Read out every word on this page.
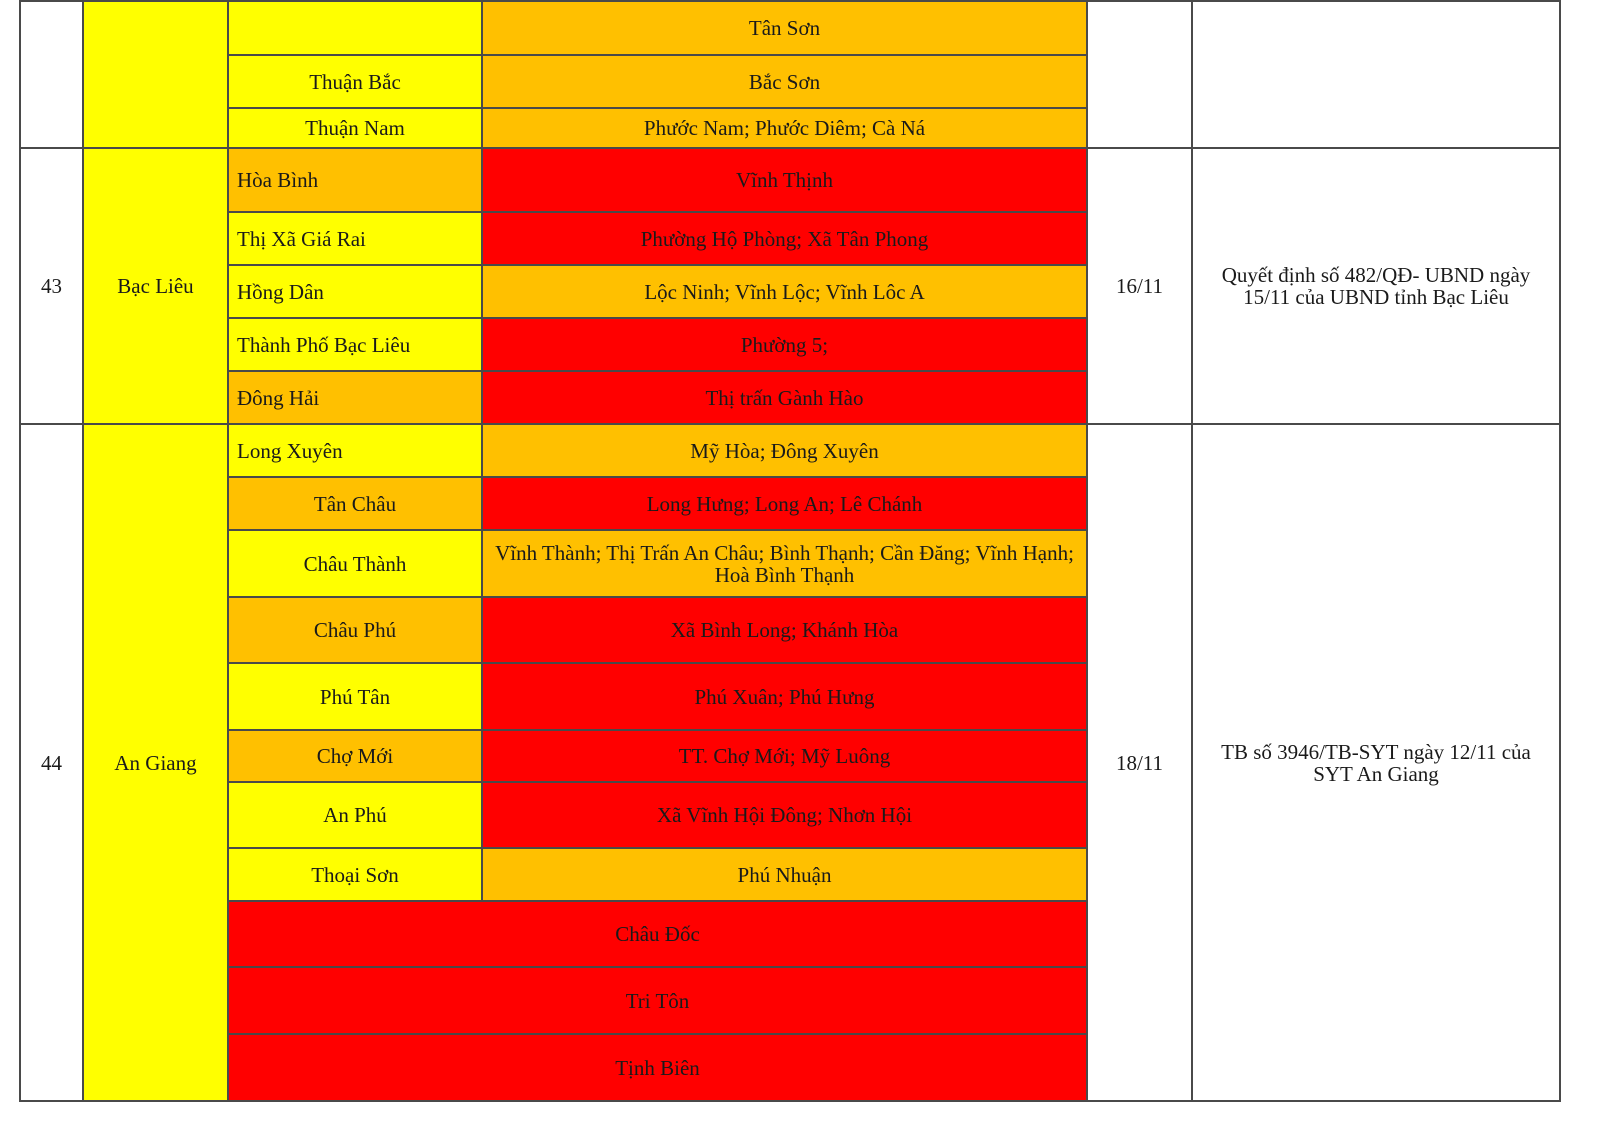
			Tân Sơn		
		Thuận Bắc	Bắc Sơn		
		Thuận Nam	Phước Nam; Phước Diêm; Cà Ná		
43	Bạc Liêu	Hòa Bình	Vĩnh Thịnh	16/11	Quyết định số 482/QĐ- UBND ngày 15/11 của UBND tỉnh Bạc Liêu
		Thị Xã Giá Rai	Phường Hộ Phòng; Xã Tân Phong		
		Hồng Dân	Lộc Ninh; Vĩnh Lộc; Vĩnh Lôc A		
		Thành Phố Bạc Liêu	Phường 5;		
		Đông Hải	Thị trấn Gành Hào		
44	An Giang	Long Xuyên	Mỹ Hòa; Đông Xuyên	18/11	TB số 3946/TB-SYT ngày 12/11 của SYT An Giang
		Tân Châu	Long Hưng; Long An; Lê Chánh		
		Châu Thành	Vĩnh Thành; Thị Trấn An Châu; Bình Thạnh; Cần Đăng; Vĩnh Hạnh; Hoà Bình Thạnh		
		Châu Phú	Xã Bình Long; Khánh Hòa		
		Phú Tân	Phú Xuân; Phú Hưng		
		Chợ Mới	TT. Chợ Mới; Mỹ Luông		
		An Phú	Xã Vĩnh Hội Đông; Nhơn Hội		
		Thoại Sơn	Phú Nhuận		
		Châu Đốc			
		Tri Tôn			
		Tịnh Biên			
